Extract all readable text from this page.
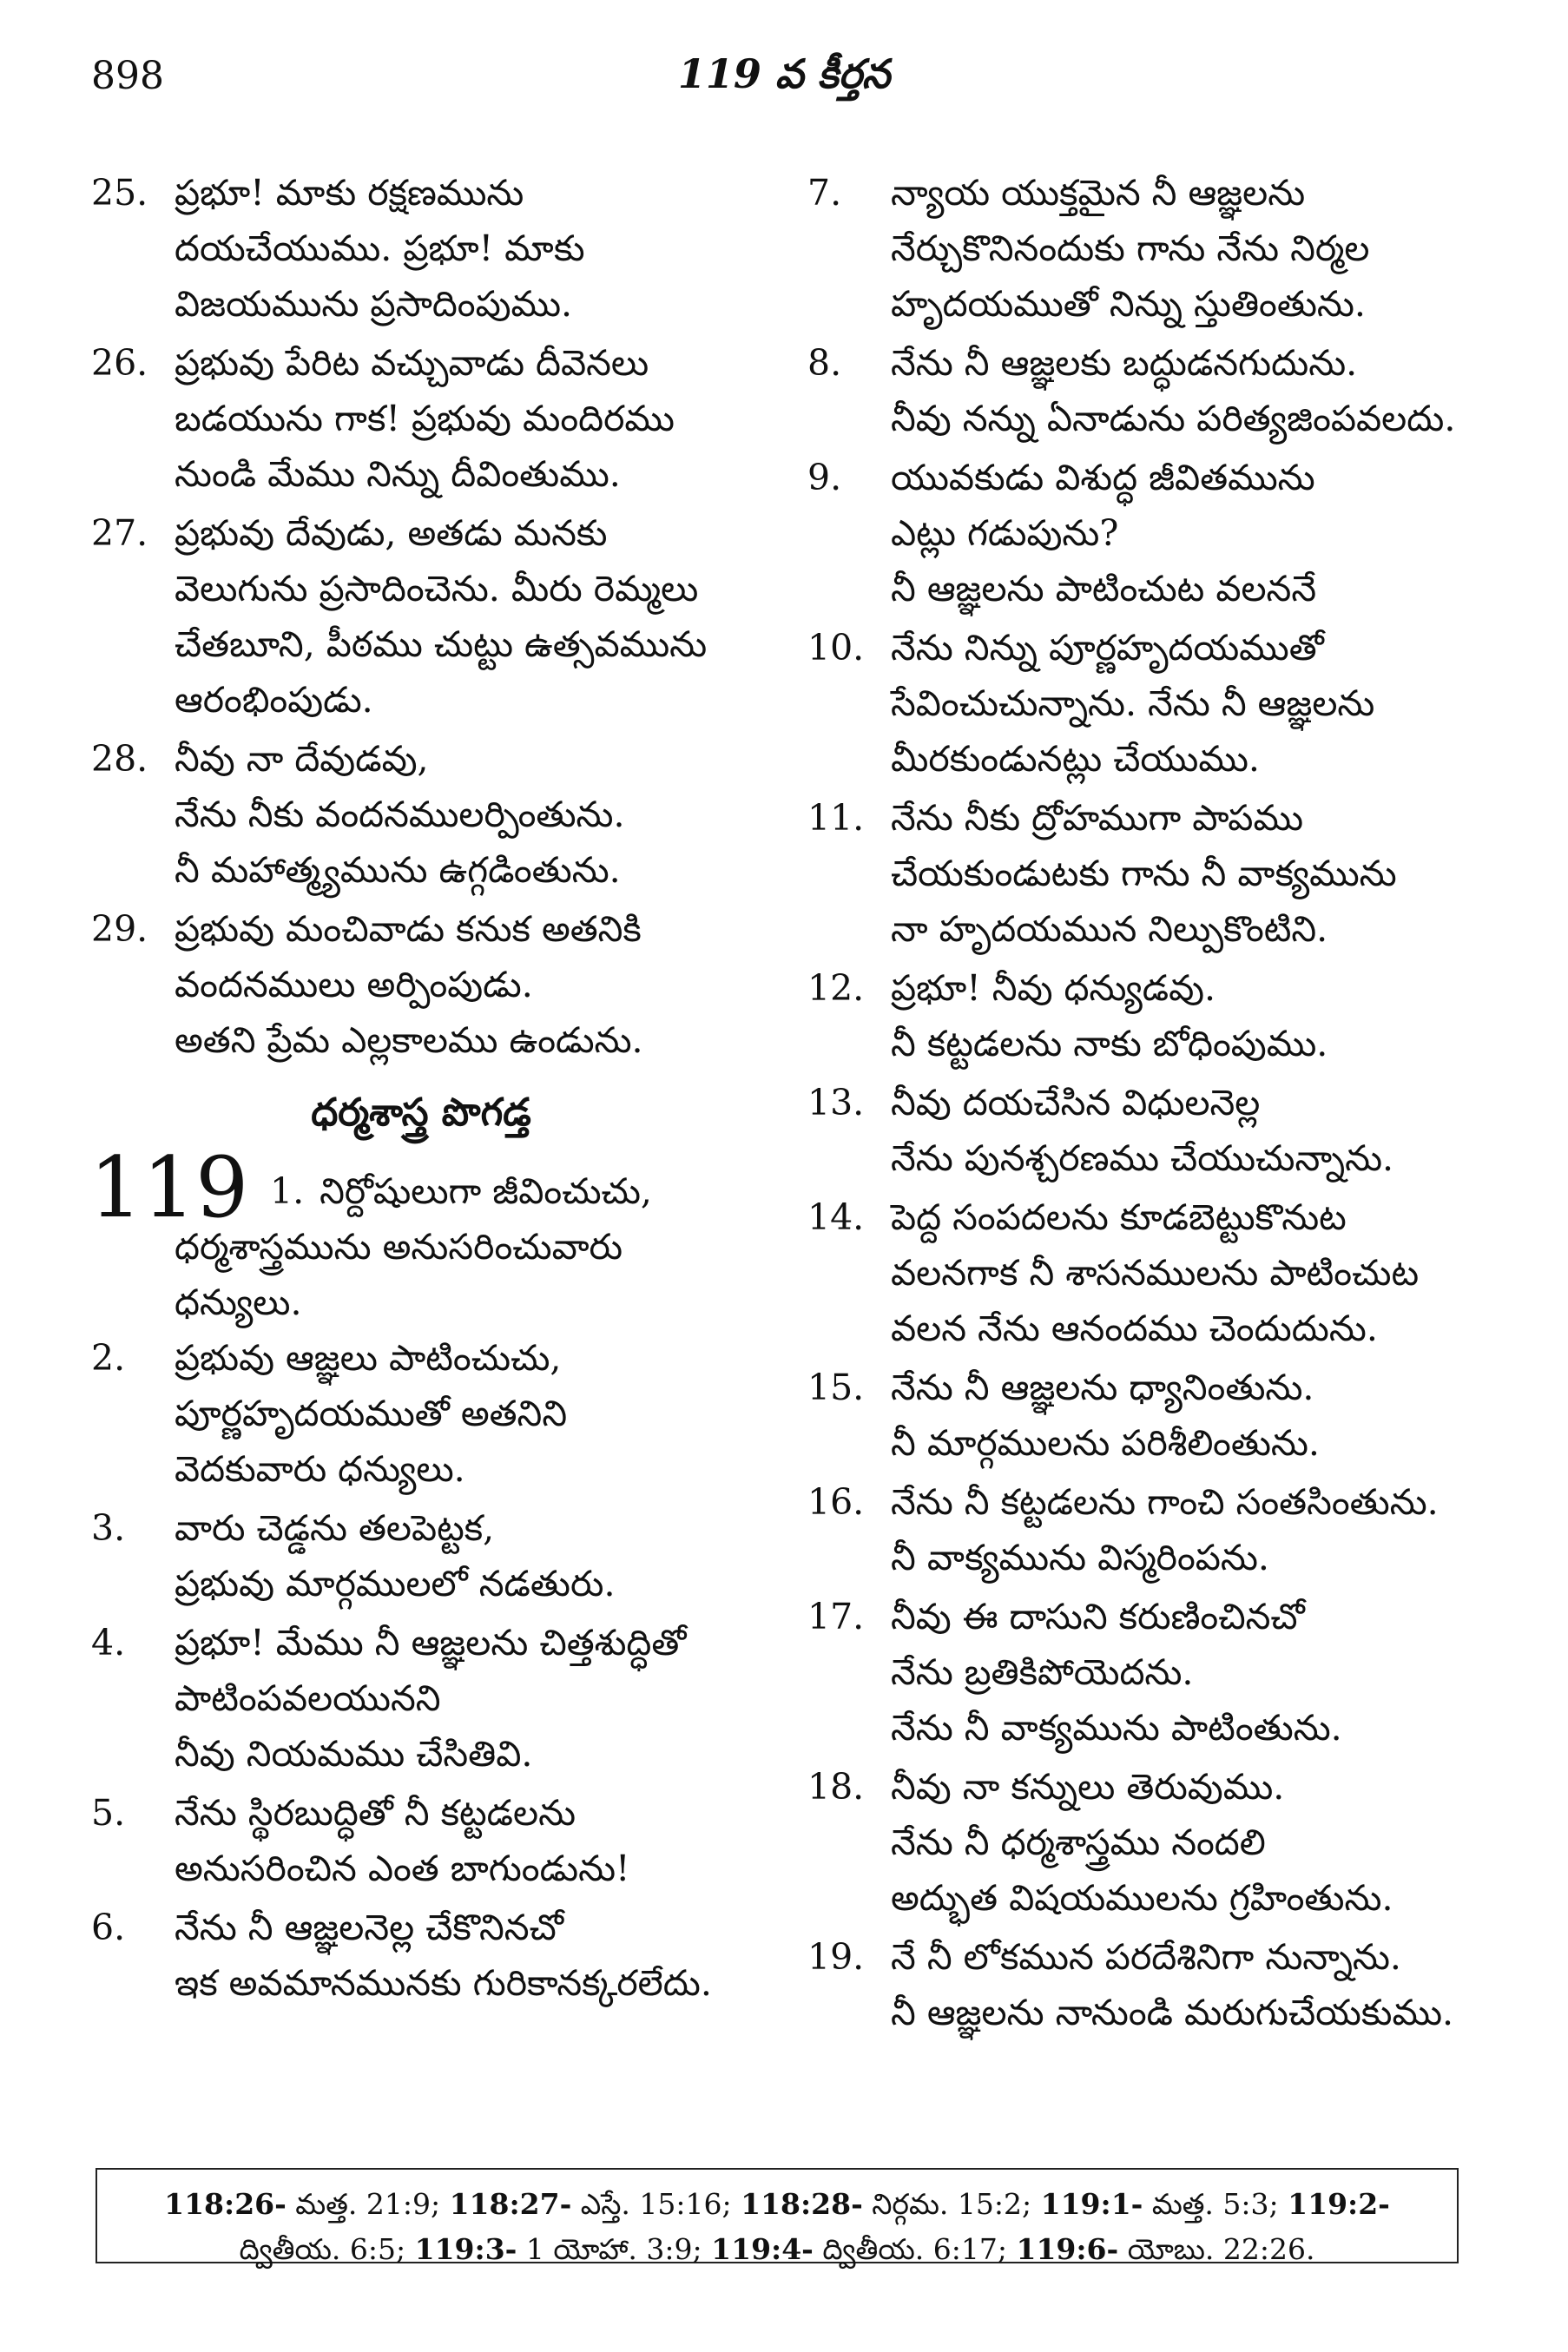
898	119 వ కీర్తన
25. ప్రభూ! మాకు రక్షణమును
దయచేయుము. ప్రభూ! మాకు
విజయమును ప్రసాదింపుము.
26. ప్రభువు పేరిట వచ్చువాడు దీవెనలు
బడయును గాక! ప్రభువు మందిరము
నుండి మేము నిన్ను దీవింతుము.
27. ప్రభువు దేవుడు, అతడు మనకు
వెలుగును ప్రసాదించెను. మీరు రెమ్మలు
చేతబూని, పీఠము చుట్టు ఉత్సవమును
ఆరంభింపుడు.
28. నీవు నా దేవుడవు,
నేను నీకు వందనములర్పింతును.
నీ మహాత్మ్యమును ఉగ్గడింతును.
29. ప్రభువు మంచివాడు కనుక అతనికి
వందనములు అర్పింపుడు.
అతని ప్రేమ ఎల్లకాలము ఉండును.
ధర్మశాస్త్ర పొగడ్త
119 1. నిర్దోషులుగా జీవించుచు,
ధర్మశాస్త్రమును అనుసరించువారు
ధన్యులు.
2. ప్రభువు ఆజ్ఞలు పాటించుచు,
పూర్ణహృదయముతో అతనిని
వెదకువారు ధన్యులు.
3. వారు చెడ్డను తలపెట్టక,
ప్రభువు మార్గములలో నడతురు.
4. ప్రభూ! మేము నీ ఆజ్ఞలను చిత్తశుద్ధితో
పాటింపవలయునని
నీవు నియమము చేసితివి.
5. నేను స్థిరబుద్ధితో నీ కట్టడలను
అనుసరించిన ఎంత బాగుండును!
6. నేను నీ ఆజ్ఞలనెల్ల చేకొనినచో
ఇక అవమానమునకు గురికానక్కరలేదు.
7. న్యాయ యుక్తమైన నీ ఆజ్ఞలను
నేర్చుకొనినందుకు గాను నేను నిర్మల
హృదయముతో నిన్ను స్తుతింతును.
8. నేను నీ ఆజ్ఞలకు బద్ధుడనగుదును.
నీవు నన్ను ఏనాడును పరిత్యజింపవలదు.
9. యువకుడు విశుద్ధ జీవితమును
ఎట్లు గడుపును?
నీ ఆజ్ఞలను పాటించుట వలననే
10. నేను నిన్ను పూర్ణహృదయముతో
సేవించుచున్నాను. నేను నీ ఆజ్ఞలను
మీరకుండునట్లు చేయుము.
11. నేను నీకు ద్రోహముగా పాపము
చేయకుండుటకు గాను నీ వాక్యమును
నా హృదయమున నిల్పుకొంటిని.
12. ప్రభూ! నీవు ధన్యుడవు.
నీ కట్టడలను నాకు బోధింపుము.
13. నీవు దయచేసిన విధులనెల్ల
నేను పునశ్చరణము చేయుచున్నాను.
14. పెద్ద సంపదలను కూడబెట్టుకొనుట
వలనగాక నీ శాసనములను పాటించుట
వలన నేను ఆనందము చెందుదును.
15. నేను నీ ఆజ్ఞలను ధ్యానింతును.
నీ మార్గములను పరిశీలింతును.
16. నేను నీ కట్టడలను గాంచి సంతసింతును.
నీ వాక్యమును విస్మరింపను.
17. నీవు ఈ దాసుని కరుణించినచో
నేను బ్రతికిపోయెదను.
నేను నీ వాక్యమును పాటింతును.
18. నీవు నా కన్నులు తెరువుము.
నేను నీ ధర్మశాస్త్రము నందలి
అద్భుత విషయములను గ్రహింతును.
19. నే నీ లోకమున పరదేశినిగా నున్నాను.
నీ ఆజ్ఞలను నానుండి మరుగుచేయకుము.
118:26- మత్త. 21:9; 118:27- ఎస్తే. 15:16; 118:28- నిర్గమ. 15:2; 119:1- మత్త. 5:3; 119:2-
ద్వితీయ. 6:5; 119:3- 1 యోహా. 3:9; 119:4- ద్వితీయ. 6:17; 119:6- యోబు. 22:26.
